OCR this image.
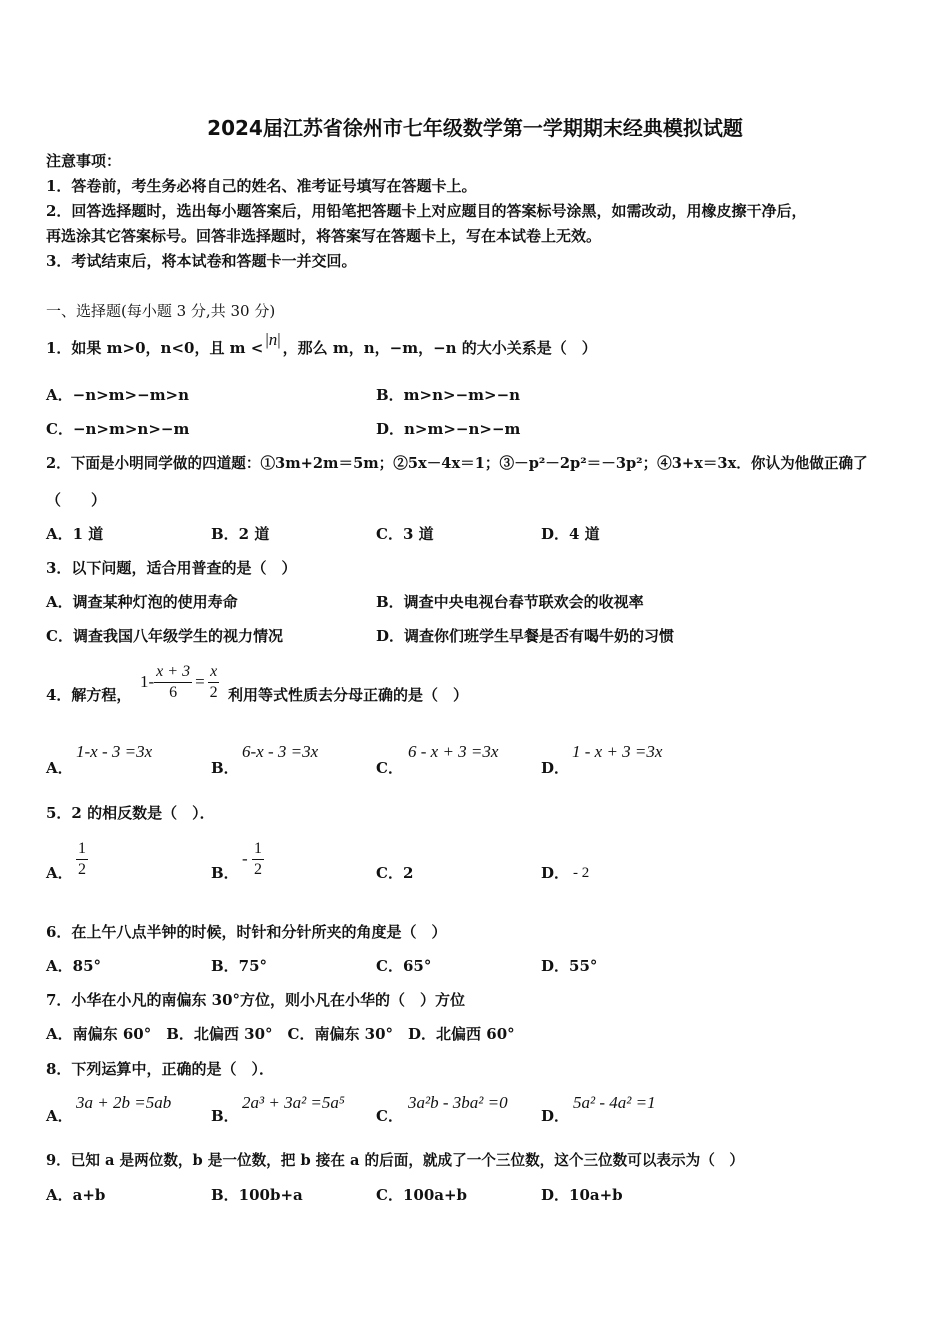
2024届江苏省徐州市七年级数学第一学期期末经典模拟试题
注意事项：
1．答卷前，考生务必将自己的姓名、准考证号填写在答题卡上。
2．回答选择题时，选出每小题答案后，用铅笔把答题卡上对应题目的答案标号涂黑，如需改动，用橡皮擦干净后，
再选涂其它答案标号。回答非选择题时，将答案写在答题卡上，写在本试卷上无效。
3．考试结束后，将本试卷和答题卡一并交回。
一、选择题(每小题 3 分,共 30 分)
1．如果 m>0，n<0，且 m < |n| ，那么 m，n，−m，−n 的大小关系是（　）
A．−n>m>−m>n	B．m>n>−m>−n
C．−n>m>n>−m	D．n>m>−n>−m
2．下面是小明同学做的四道题：①3m+2m＝5m；②5x－4x＝1；③－p²－2p²＝－3p²；④3+x＝3x．你认为他做正确了
（　　）
A．1 道	B．2 道	C．3 道	D．4 道
3．以下问题，适合用普查的是（　）
A．调查某种灯泡的使用寿命	B．调查中央电视台春节联欢会的收视率
C．调查我国八年级学生的视力情况	D．调查你们班学生早餐是否有喝牛奶的习惯
4．解方程，
$1- \frac{x + 3}{6} = \frac{x}{2}$ 利用等式性质去分母正确的是（　）
A．
1-x - 3 =3x
B．
6-x - 3 =3x
C．
6 - x + 3 =3x
D．
1 - x + 3 =3x
5．2 的相反数是（　）．
A． $\frac{1}{2}$	B．
- $\frac{1}{2}$	C．2	D． - 2
6．在上午八点半钟的时候，时针和分针所夹的角度是（　）
A．85°	B．75°	C．65°	D．55°
7．小华在小凡的南偏东 30°方位，则小凡在小华的（　）方位
A．南偏东 60°　B．北偏西 30°　C．南偏东 30°　D．北偏西 60°
8．下列运算中，正确的是（　）．
A．
3a + 2b =5ab
B．
2a³ + 3a² =5a⁵
C．
3a²b - 3ba² =0
D．
5a² - 4a² =1
9．已知 a 是两位数，b 是一位数，把 b 接在 a 的后面，就成了一个三位数，这个三位数可以表示为（　）
A．a+b	B．100b+a	C．100a+b	D．10a+b
